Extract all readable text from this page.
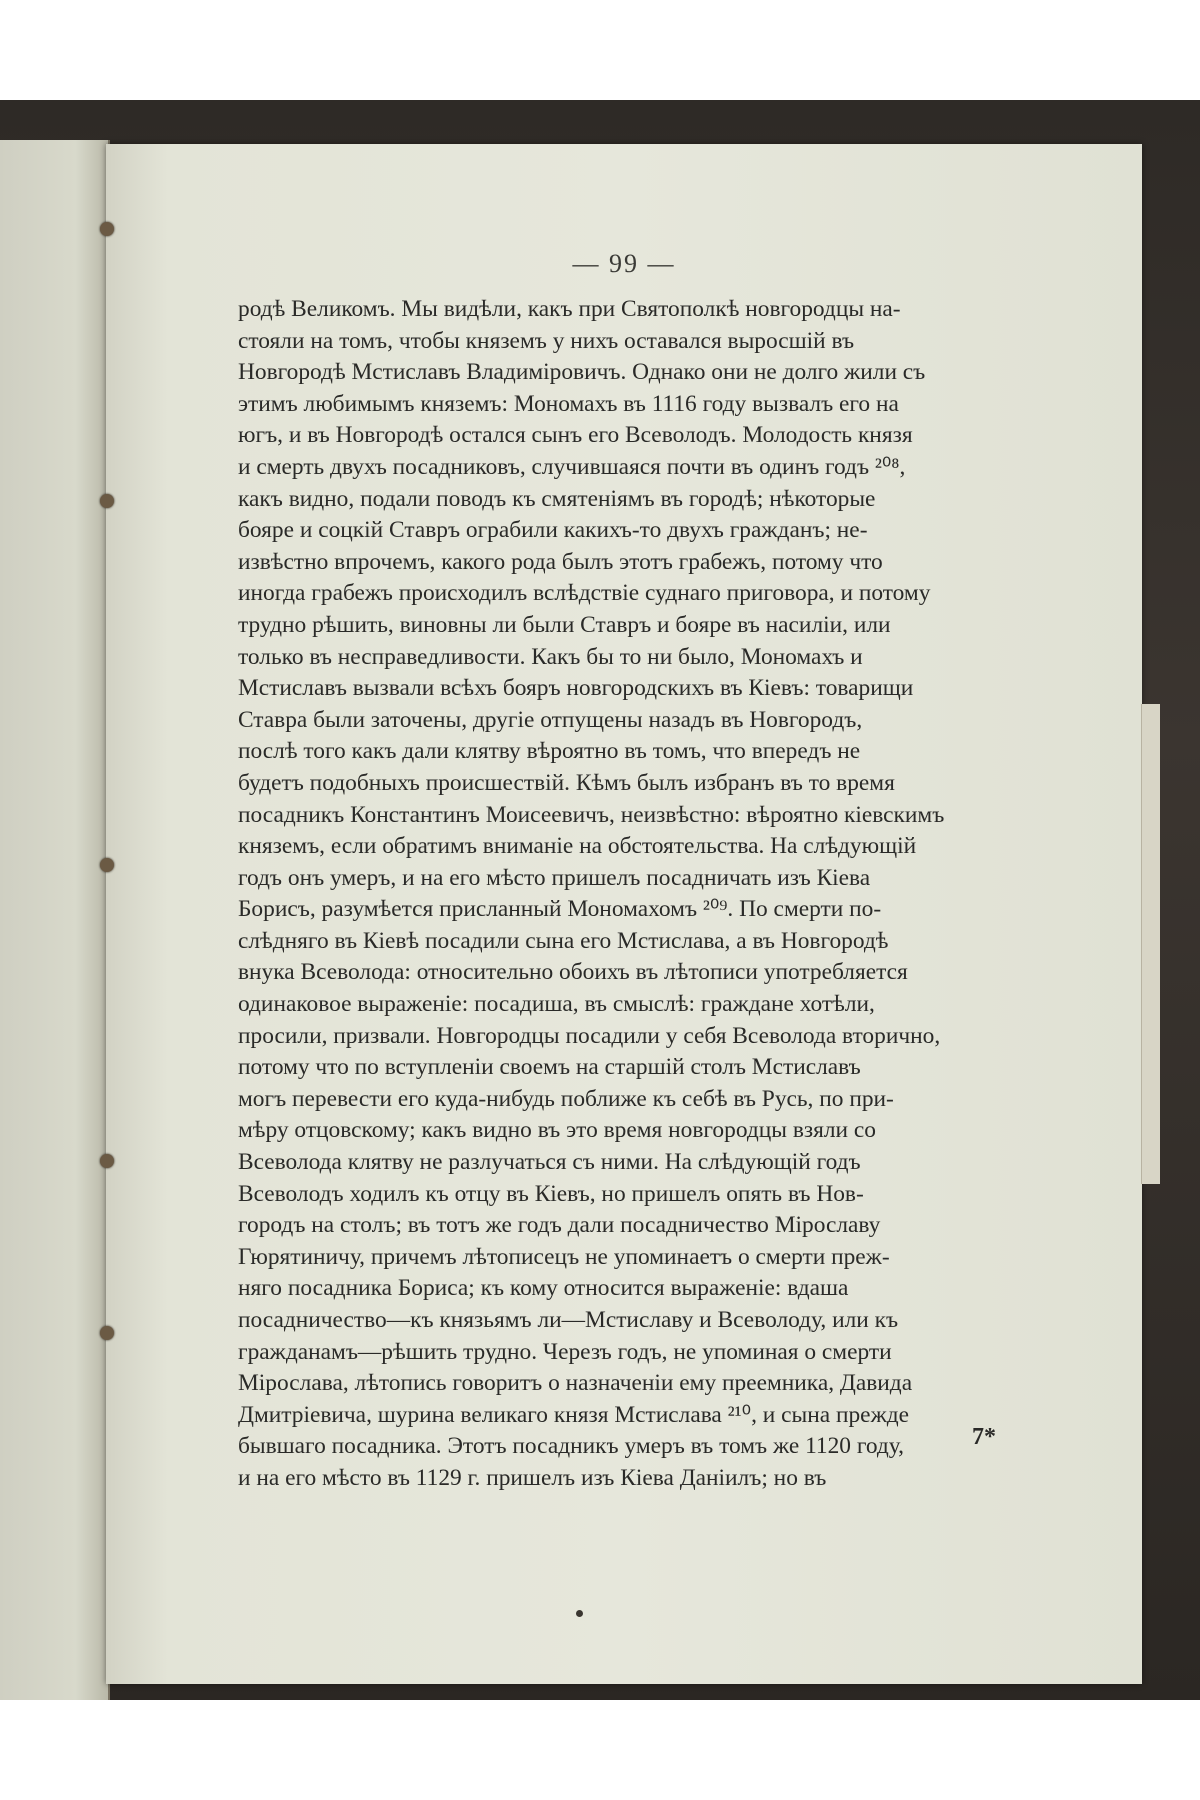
— 99 —
родѣ Великомъ. Мы видѣли, какъ при Святополкѣ новгородцы на-
стояли на томъ, чтобы княземъ у нихъ оставался выросшій въ
Новгородѣ Мстиславъ Владиміровичъ. Однако они не долго жили съ
этимъ любимымъ княземъ: Мономахъ въ 1116 году вызвалъ его на
югъ, и въ Новгородѣ остался сынъ его Всеволодъ. Молодость князя
и смерть двухъ посадниковъ, случившаяся почти въ одинъ годъ ²⁰⁸,
какъ видно, подали поводъ къ смятеніямъ въ городѣ; нѣкоторые
бояре и соцкій Ставръ ограбили какихъ-то двухъ гражданъ; не-
извѣстно впрочемъ, какого рода былъ этотъ грабежъ, потому что
иногда грабежъ происходилъ вслѣдствіе суднаго приговора, и потому
трудно рѣшить, виновны ли были Ставръ и бояре въ насиліи, или
только въ несправедливости. Какъ бы то ни было, Мономахъ и
Мстиславъ вызвали всѣхъ бояръ новгородскихъ въ Кіевъ: товарищи
Ставра были заточены, другіе отпущены назадъ въ Новгородъ,
послѣ того какъ дали клятву вѣроятно въ томъ, что впередъ не
будетъ подобныхъ происшествій. Кѣмъ былъ избранъ въ то время
посадникъ Константинъ Моисеевичъ, неизвѣстно: вѣроятно кіевскимъ
княземъ, если обратимъ вниманіе на обстоятельства. На слѣдующій
годъ онъ умеръ, и на его мѣсто пришелъ посадничать изъ Кіева
Борисъ, разумѣется присланный Мономахомъ ²⁰⁹. По смерти по-
слѣдняго въ Кіевѣ посадили сына его Мстислава, а въ Новгородѣ
внука Всеволода: относительно обоихъ въ лѣтописи употребляется
одинаковое выраженіе: посадиша, въ смыслѣ: граждане хотѣли,
просили, призвали. Новгородцы посадили у себя Всеволода вторично,
потому что по вступленіи своемъ на старшій столъ Мстиславъ
могъ перевести его куда-нибудь поближе къ себѣ въ Русь, по при-
мѣру отцовскому; какъ видно въ это время новгородцы взяли со
Всеволода клятву не разлучаться съ ними. На слѣдующій годъ
Всеволодъ ходилъ къ отцу въ Кіевъ, но пришелъ опять въ Нов-
городъ на столъ; въ тотъ же годъ дали посадничество Мірославу
Гюрятиничу, причемъ лѣтописецъ не упоминаетъ о смерти преж-
няго посадника Бориса; къ кому относится выраженіе: вдаша
посадничество—къ князьямъ ли—Мстиславу и Всеволоду, или къ
гражданамъ—рѣшить трудно. Черезъ годъ, не упоминая о смерти
Мірослава, лѣтопись говоритъ о назначеніи ему преемника, Давида
Дмитріевича, шурина великаго князя Мстислава ²¹⁰, и сына прежде
бывшаго посадника. Этотъ посадникъ умеръ въ томъ же 1120 году,
и на его мѣсто въ 1129 г. пришелъ изъ Кіева Даніилъ; но въ
7*
